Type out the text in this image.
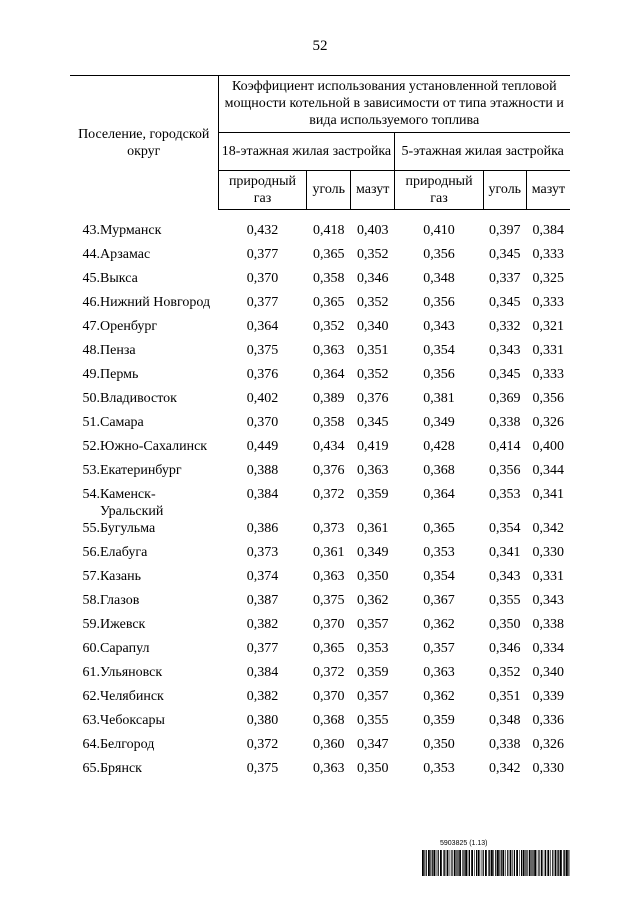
52
Поселение, городской округ		Коэффициент использования установленной тепловой мощности котельной в зависимости от типа этажности и вида используемого топлива					
		18-этажная жилая застройка			5-этажная жилая застройка		
		природный газ	уголь	мазут	природный газ	уголь	мазут

43.	Мурманск	0,432	0,418	0,403	0,410	0,397	0,384
44.	Арзамас	0,377	0,365	0,352	0,356	0,345	0,333
45.	Выкса	0,370	0,358	0,346	0,348	0,337	0,325
46.	Нижний Новгород	0,377	0,365	0,352	0,356	0,345	0,333
47.	Оренбург	0,364	0,352	0,340	0,343	0,332	0,321
48.	Пенза	0,375	0,363	0,351	0,354	0,343	0,331
49.	Пермь	0,376	0,364	0,352	0,356	0,345	0,333
50.	Владивосток	0,402	0,389	0,376	0,381	0,369	0,356
51.	Самара	0,370	0,358	0,345	0,349	0,338	0,326
52.	Южно-Сахалинск	0,449	0,434	0,419	0,428	0,414	0,400
53.	Екатеринбург	0,388	0,376	0,363	0,368	0,356	0,344
54.	Каменск-Уральский	0,384	0,372	0,359	0,364	0,353	0,341
55.	Бугульма	0,386	0,373	0,361	0,365	0,354	0,342
56.	Елабуга	0,373	0,361	0,349	0,353	0,341	0,330
57.	Казань	0,374	0,363	0,350	0,354	0,343	0,331
58.	Глазов	0,387	0,375	0,362	0,367	0,355	0,343
59.	Ижевск	0,382	0,370	0,357	0,362	0,350	0,338
60.	Сарапул	0,377	0,365	0,353	0,357	0,346	0,334
61.	Ульяновск	0,384	0,372	0,359	0,363	0,352	0,340
62.	Челябинск	0,382	0,370	0,357	0,362	0,351	0,339
63.	Чебоксары	0,380	0,368	0,355	0,359	0,348	0,336
64.	Белгород	0,372	0,360	0,347	0,350	0,338	0,326
65.	Брянск	0,375	0,363	0,350	0,353	0,342	0,330
5903825 (1.13)
